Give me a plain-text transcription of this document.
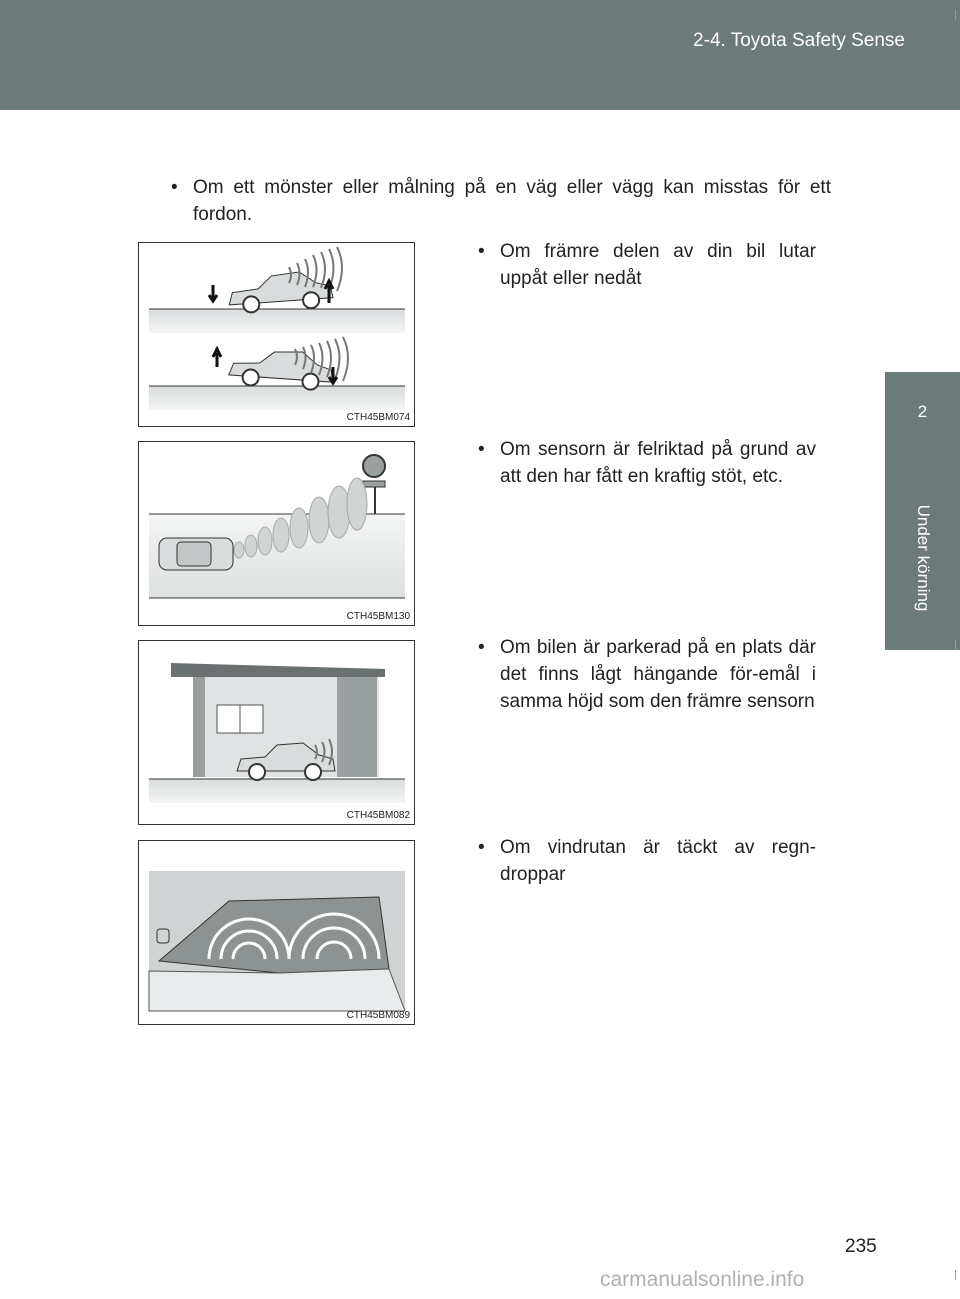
2-4. Toyota Safety Sense
2
Under körning
• Om ett mönster eller målning på en väg eller vägg kan misstas för ett fordon.
CTH45BM074
• Om främre delen av din bil lutar uppåt eller nedåt
CTH45BM130
• Om sensorn är felriktad på grund av att den har fått en kraftig stöt, etc.
CTH45BM082
• Om bilen är parkerad på en plats där det finns lågt hängande för-emål i samma höjd som den främre sensorn
CTH45BM089
• Om vindrutan är täckt av regn-droppar
235
carmanualsonline.info
